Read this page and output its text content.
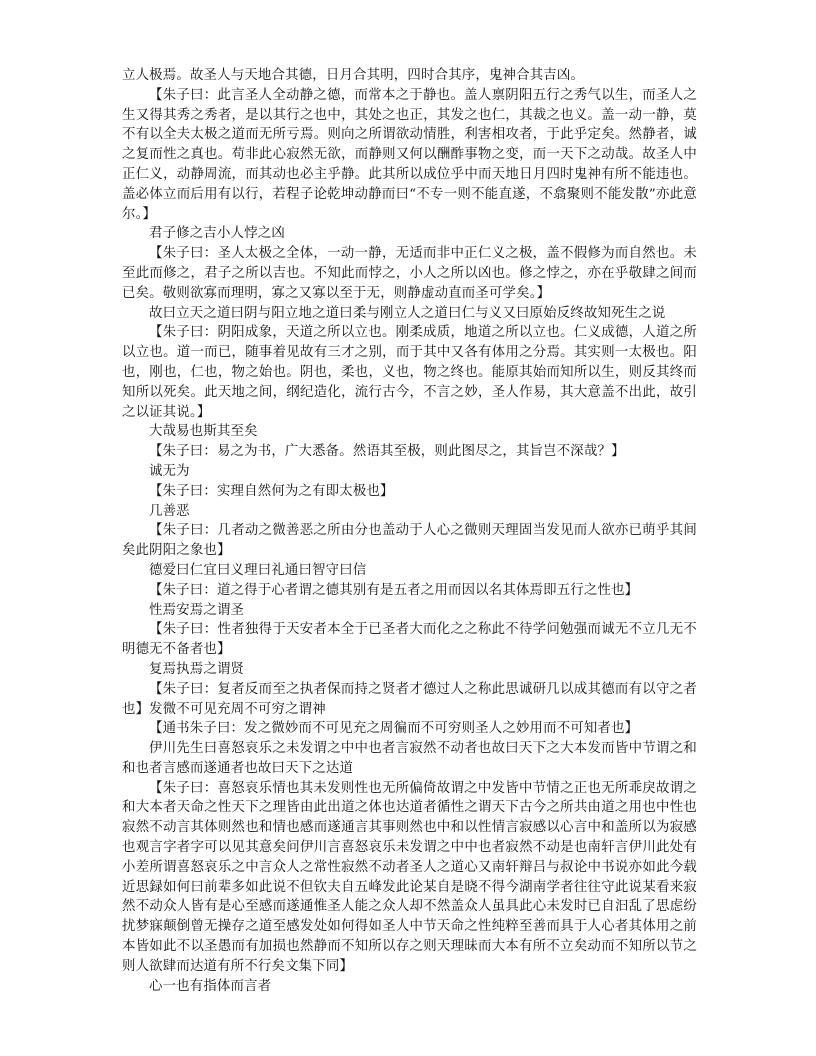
立人极焉。故圣人与天地合其德，日月合其明，四时合其序，鬼神合其吉凶。

【朱子曰：此言圣人全动静之德，而常本之于静也。盖人禀阴阳五行之秀气以生，而圣人之生又得其秀之秀者，是以其行之也中，其处之也正，其发之也仁，其裁之也义。盖一动一静，莫不有以全夫太极之道而无所亏焉。则向之所谓欲动情胜，利害相攻者，于此乎定矣。然静者，诚之复而性之真也。苟非此心寂然无欲，而静则又何以酬酢事物之变，而一天下之动哉。故圣人中正仁义，动静周流，而其动也必主乎静。此其所以成位乎中而天地日月四时鬼神有所不能违也。盖必体立而后用有以行，若程子论乾坤动静而曰“不专一则不能直遂，不翕聚则不能发散”亦此意尔。】

君子修之吉小人悖之凶

【朱子曰：圣人太极之全体，一动一静，无适而非中正仁义之极，盖不假修为而自然也。未至此而修之，君子之所以吉也。不知此而悖之，小人之所以凶也。修之悖之，亦在乎敬肆之间而已矣。敬则欲寡而理明，寡之又寡以至于无，则静虚动直而圣可学矣。】

故曰立天之道曰阴与阳立地之道曰柔与刚立人之道曰仁与义又曰原始反终故知死生之说

【朱子曰：阴阳成象，天道之所以立也。刚柔成质，地道之所以立也。仁义成德，人道之所以立也。道一而已，随事着见故有三才之别，而于其中又各有体用之分焉。其实则一太极也。阳也，刚也，仁也，物之始也。阴也，柔也，义也，物之终也。能原其始而知所以生，则反其终而知所以死矣。此天地之间，纲纪造化，流行古今，不言之妙，圣人作易，其大意盖不出此，故引之以证其说。】

大哉易也斯其至矣

【朱子曰：易之为书，广大悉备。然语其至极，则此图尽之，其旨岂不深哉？】

诚无为

【朱子曰：实理自然何为之有即太极也】

几善恶

【朱子曰：几者动之微善恶之所由分也盖动于人心之微则天理固当发见而人欲亦已萌乎其间矣此阴阳之象也】

德爱曰仁宜曰义理曰礼通曰智守曰信

【朱子曰：道之得于心者谓之德其别有是五者之用而因以名其体焉即五行之性也】

性焉安焉之谓圣

【朱子曰：性者独得于天安者本全于已圣者大而化之之称此不待学问勉强而诚无不立几无不明德无不备者也】

复焉执焉之谓贤

【朱子曰：复者反而至之执者保而持之贤者才德过人之称此思诚研几以成其德而有以守之者也】发微不可见充周不可穷之谓神

【通书朱子曰：发之微妙而不可见充之周徧而不可穷则圣人之妙用而不可知者也】

伊川先生曰喜怒哀乐之未发谓之中中也者言寂然不动者也故曰天下之大本发而皆中节谓之和和也者言感而遂通者也故曰天下之达道

【朱子曰：喜怒哀乐情也其未发则性也无所偏倚故谓之中发皆中节情之正也无所乖戾故谓之和大本者天命之性天下之理皆由此出道之体也达道者循性之谓天下古今之所共由道之用也中性也寂然不动言其体则然也和情也感而遂通言其事则然也中和以性情言寂感以心言中和盖所以为寂感也观言字者字可以见其意矣问伊川言喜怒哀乐未发谓之中中也者寂然不动是也南轩言伊川此处有小差所谓喜怒哀乐之中言众人之常性寂然不动者圣人之道心又南轩辩吕与叔论中书说亦如此今载近思録如何曰前辈多如此说不但钦夫自五峰发此论某自是晓不得今湖南学者往往守此说某看来寂然不动众人皆有是心至感而遂通惟圣人能之众人却不然盖众人虽具此心未发时已自汩乱了思虑纷扰梦寐颠倒曾无操存之道至感发处如何得如圣人中节天命之性纯粹至善而具于人心者其体用之前本皆如此不以圣愚而有加损也然静而不知所以存之则天理昧而大本有所不立矣动而不知所以节之则人欲肆而达道有所不行矣文集下同】

心一也有指体而言者
